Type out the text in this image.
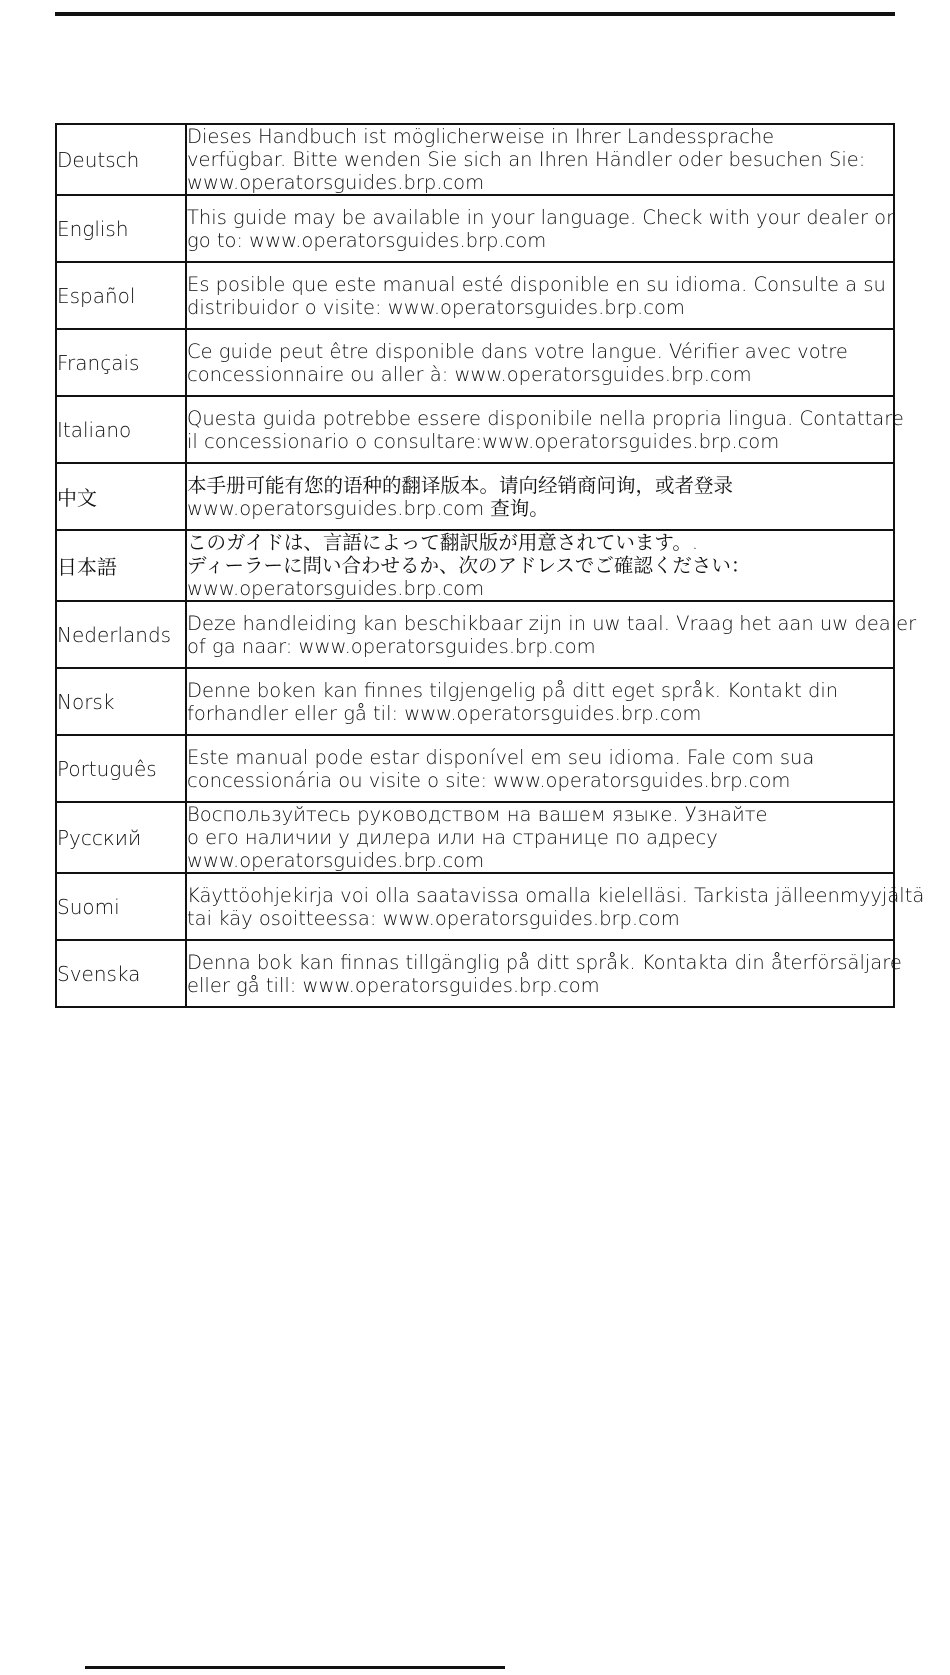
Deutsch	Dieses Handbuch ist möglicherweise in Ihrer Landessprache
verfügbar. Bitte wenden Sie sich an Ihren Händler oder besuchen Sie:
www.operatorsguides.brp.com

English	This guide may be available in your language. Check with your dealer or
go to: www.operatorsguides.brp.com

Español	Es posible que este manual esté disponible en su idioma. Consulte a su
distribuidor o visite: www.operatorsguides.brp.com

Français	Ce guide peut être disponible dans votre langue. Vérifier avec votre
concessionnaire ou aller à: www.operatorsguides.brp.com

Italiano	Questa guida potrebbe essere disponibile nella propria lingua. Contattare
il concessionario o consultare:www.operatorsguides.brp.com

中文	本手册可能有您的语种的翻译版本。请向经销商问询，或者登录
www.operatorsguides.brp.com 查询。

日本語	このガイドは、言語によって翻訳版が用意されています。.
ディーラーに問い合わせるか、次のアドレスでご確認ください：
www.operatorsguides.brp.com

Nederlands	Deze handleiding kan beschikbaar zijn in uw taal. Vraag het aan uw dealer
of ga naar: www.operatorsguides.brp.com

Norsk	Denne boken kan finnes tilgjengelig på ditt eget språk. Kontakt din
forhandler eller gå til: www.operatorsguides.brp.com

Português	Este manual pode estar disponível em seu idioma. Fale com sua
concessionária ou visite o site: www.operatorsguides.brp.com

Русский	Воспользуйтесь руководством на вашем языке. Узнайте
о его наличии у дилера или на странице по адресу
www.operatorsguides.brp.com

Suomi	Käyttöohjekirja voi olla saatavissa omalla kielelläsi. Tarkista jälleenmyyjältä
tai käy osoitteessa: www.operatorsguides.brp.com

Svenska	Denna bok kan finnas tillgänglig på ditt språk. Kontakta din återförsäljare
eller gå till: www.operatorsguides.brp.com
